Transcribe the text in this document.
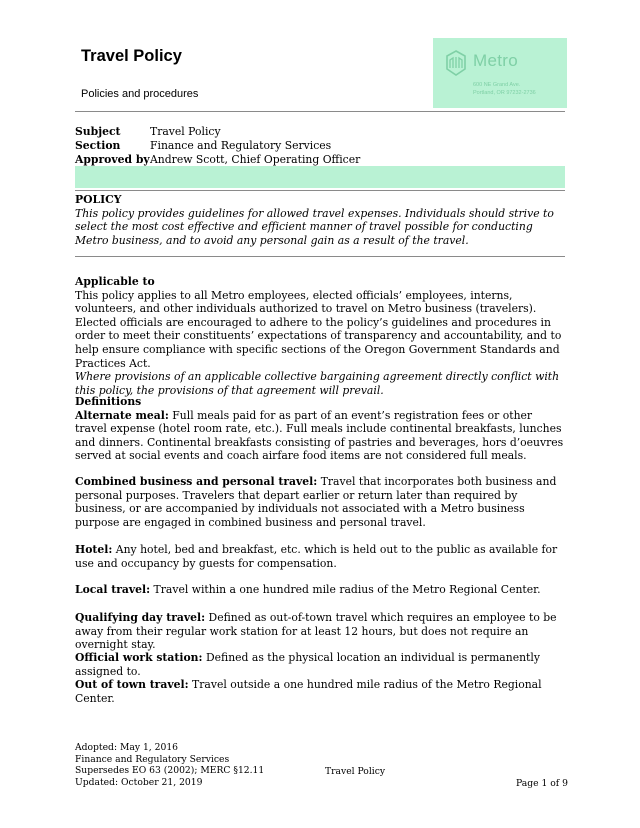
Travel Policy
Policies and procedures
Metro
600 NE Grand Ave.
Portland, OR 97232-2736
Subject	Travel Policy
Section	Finance and Regulatory Services
Approved by Andrew Scott, Chief Operating Officer
POLICY
This policy provides guidelines for allowed travel expenses. Individuals should strive to select the most cost effective and efficient manner of travel possible for conducting Metro business, and to avoid any personal gain as a result of the travel.

Applicable to

This policy applies to all Metro employees, elected officials’ employees, interns, volunteers, and other individuals authorized to travel on Metro business (travelers). Elected officials are encouraged to adhere to the policy’s guidelines and procedures in order to meet their constituents’ expectations of transparency and accountability, and to help ensure compliance with specific sections of the Oregon Government Standards and Practices Act.

Where provisions of an applicable collective bargaining agreement directly conflict with this policy, the provisions of that agreement will prevail.

Definitions

Alternate meal: Full meals paid for as part of an event’s registration fees or other travel expense (hotel room rate, etc.). Full meals include continental breakfasts, lunches and dinners. Continental breakfasts consisting of pastries and beverages, hors d’oeuvres served at social events and coach airfare food items are not considered full meals.

Combined business and personal travel: Travel that incorporates both business and personal purposes. Travelers that depart earlier or return later than required by business, or are accompanied by individuals not associated with a Metro business purpose are engaged in combined business and personal travel.

Hotel: Any hotel, bed and breakfast, etc. which is held out to the public as available for use and occupancy by guests for compensation.

Local travel: Travel within a one hundred mile radius of the Metro Regional Center.

Qualifying day travel: Defined as out-of-town travel which requires an employee to be away from their regular work station for at least 12 hours, but does not require an overnight stay.

Official work station: Defined as the physical location an individual is permanently assigned to.

Out of town travel: Travel outside a one hundred mile radius of the Metro Regional Center.

Adopted: May 1, 2016
Finance and Regulatory Services
Supersedes EO 63 (2002); MERC §12.11
Updated: October 21, 2019
Travel Policy
Page 1 of 9
